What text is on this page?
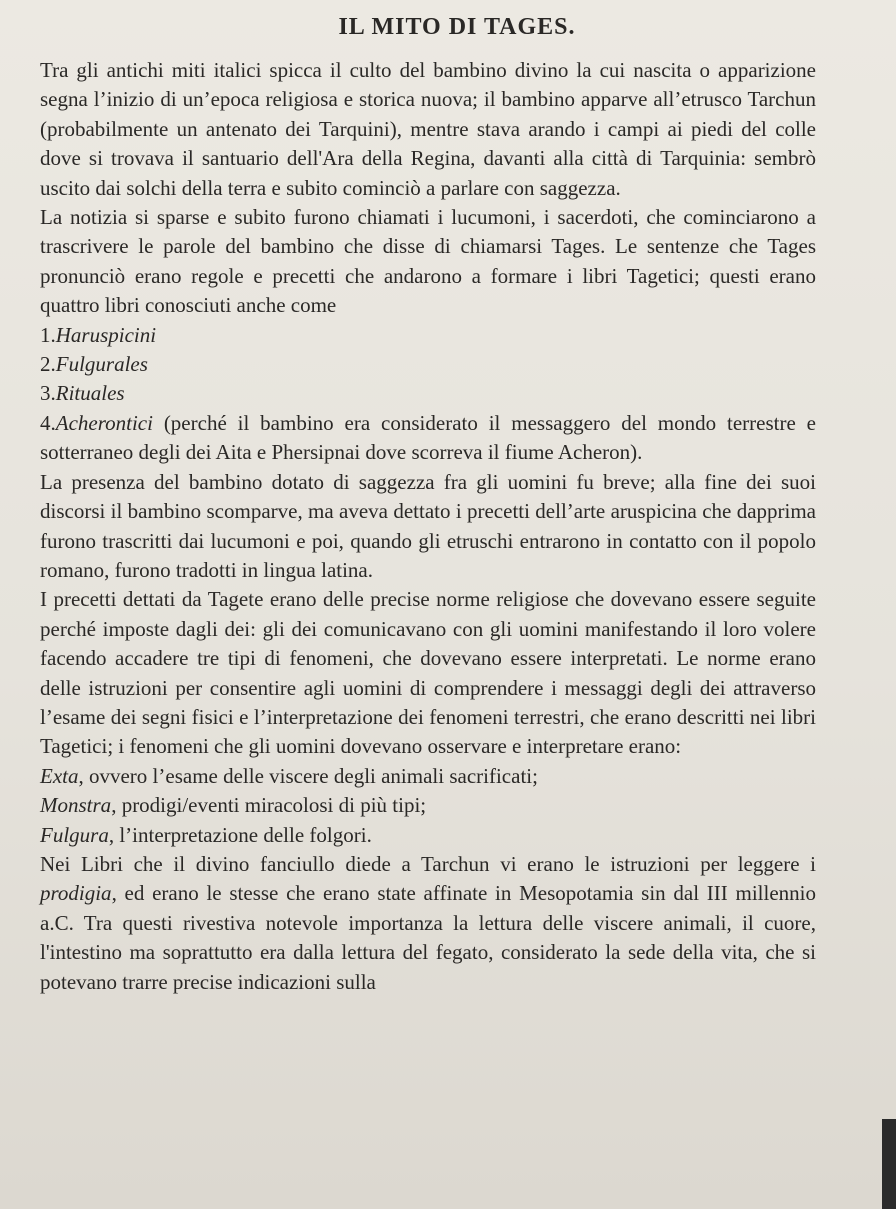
IL MITO DI TAGES.

Tra gli antichi miti italici spicca il culto del bambino divino la cui nascita o apparizione segna l’inizio di un’epoca religiosa e storica nuova; il bambino apparve all’etrusco Tarchun (probabilmente un antenato dei Tarquini), mentre stava arando i campi ai piedi del colle dove si trovava il santuario dell'Ara della Regina, davanti alla città di Tarquinia: sembrò uscito dai solchi della terra e subito cominciò a parlare con saggezza.

La notizia si sparse e subito furono chiamati i lucumoni, i sacerdoti, che cominciarono a trascrivere le parole del bambino che disse di chiamarsi Tages. Le sentenze che Tages pronunciò erano regole e precetti che andarono a formare i libri Tagetici; questi erano quattro libri conosciuti anche come

1.Haruspicini
2.Fulgurales
3.Rituales

4.Acherontici (perché il bambino era considerato il messaggero del mondo terrestre e sotterraneo degli dei Aita e Phersipnai dove scorreva il fiume Acheron).

La presenza del bambino dotato di saggezza fra gli uomini fu breve; alla fine dei suoi discorsi il bambino scomparve, ma aveva dettato i precetti dell’arte aruspicina che dapprima furono trascritti dai lucumoni e poi, quando gli etruschi entrarono in contatto con il popolo romano, furono tradotti in lingua latina.

I precetti dettati da Tagete erano delle precise norme religiose che dovevano essere seguite perché imposte dagli dei: gli dei comunicavano con gli uomini manifestando il loro volere facendo accadere tre tipi di fenomeni, che dovevano essere interpretati. Le norme erano delle istruzioni per consentire agli uomini di comprendere i messaggi degli dei attraverso l’esame dei segni fisici e l’interpretazione dei fenomeni terrestri, che erano descritti nei libri Tagetici; i fenomeni che gli uomini dovevano osservare e interpretare erano:

Exta, ovvero l’esame delle viscere degli animali sacrificati;
Monstra, prodigi/eventi miracolosi di più tipi;
Fulgura, l’interpretazione delle folgori.

Nei Libri che il divino fanciullo diede a Tarchun vi erano le istruzioni per leggere i prodigia, ed erano le stesse che erano state affinate in Mesopotamia sin dal III millennio a.C. Tra questi rivestiva notevole importanza la lettura delle viscere animali, il cuore, l'intestino ma soprattutto era dalla lettura del fegato, considerato la sede della vita, che si potevano trarre precise indicazioni sulla
